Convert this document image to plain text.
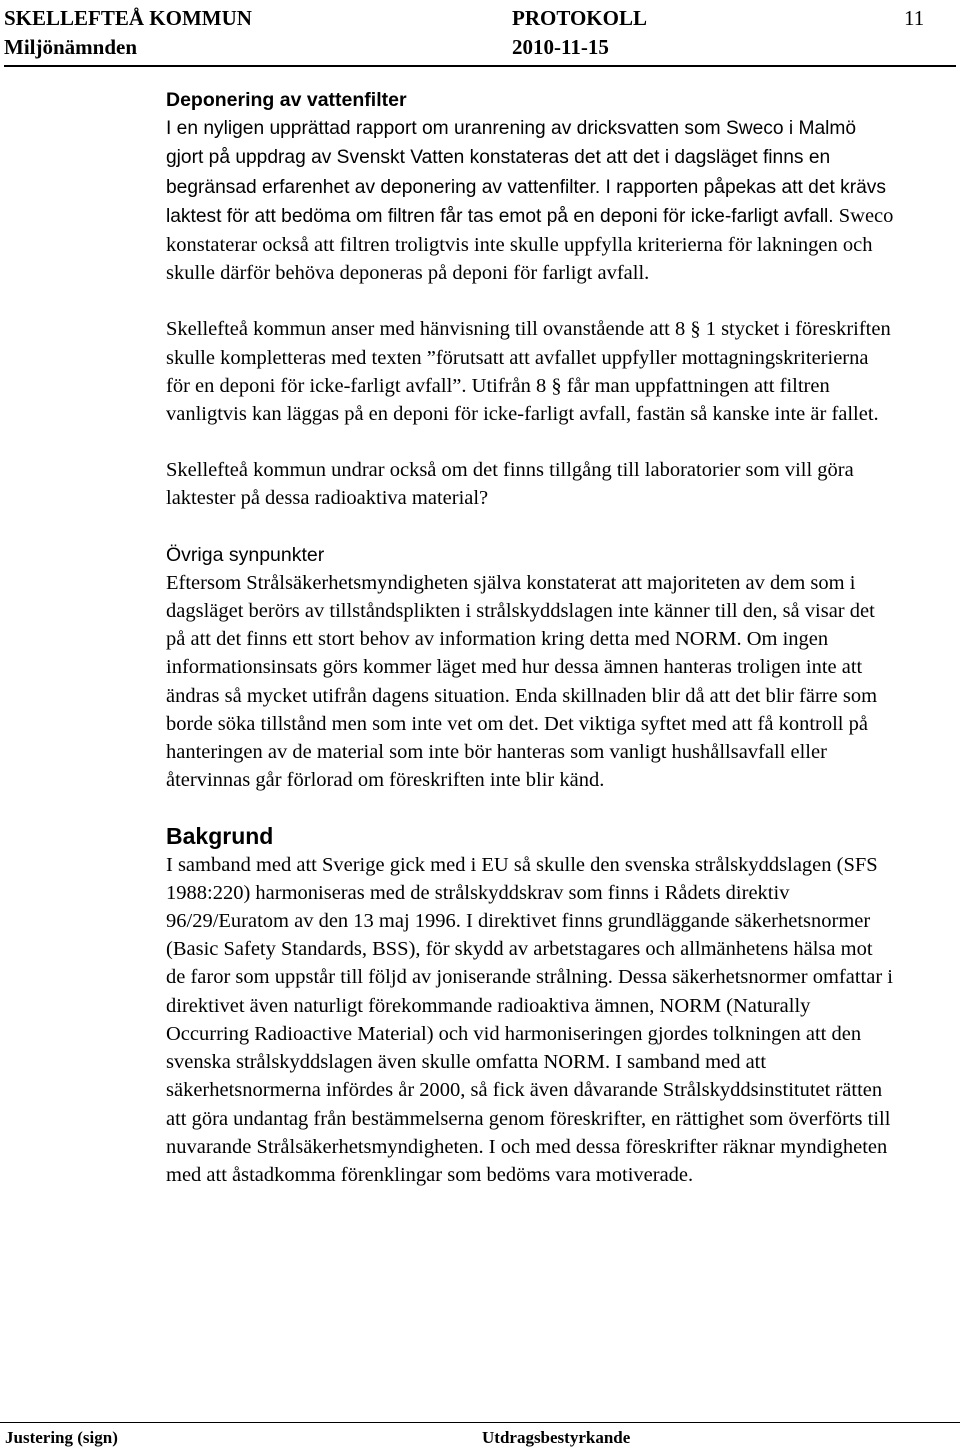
SKELLEFTEÅ KOMMUN
Miljönämnden
PROTOKOLL
2010-11-15
11

Deponering av vattenfilter

I en nyligen upprättad rapport om uranrening av dricksvatten som Sweco i Malmö gjort på uppdrag av Svenskt Vatten konstateras det att det i dagsläget finns en begränsad erfarenhet av deponering av vattenfilter. I rapporten påpekas att det krävs laktest för att bedöma om filtren får tas emot på en deponi för icke-farligt avfall. Sweco konstaterar också att filtren troligtvis inte skulle uppfylla kriterierna för lakningen och skulle därför behöva deponeras på deponi för farligt avfall.

Skellefteå kommun anser med hänvisning till ovanstående att 8 § 1 stycket i föreskriften skulle kompletteras med texten ”förutsatt att avfallet uppfyller mottagningskriterierna för en deponi för icke-farligt avfall”. Utifrån 8 § får man uppfattningen att filtren vanligtvis kan läggas på en deponi för icke-farligt avfall, fastän så kanske inte är fallet.

Skellefteå kommun undrar också om det finns tillgång till laboratorier som vill göra laktester på dessa radioaktiva material?

Övriga synpunkter

Eftersom Strålsäkerhetsmyndigheten själva konstaterat att majoriteten av dem som i dagsläget berörs av tillståndsplikten i strålskyddslagen inte känner till den, så visar det på att det finns ett stort behov av information kring detta med NORM. Om ingen informationsinsats görs kommer läget med hur dessa ämnen hanteras troligen inte att ändras så mycket utifrån dagens situation. Enda skillnaden blir då att det blir färre som borde söka tillstånd men som inte vet om det. Det viktiga syftet med att få kontroll på hanteringen av de material som inte bör hanteras som vanligt hushållsavfall eller återvinnas går förlorad om föreskriften inte blir känd.

Bakgrund

I samband med att Sverige gick med i EU så skulle den svenska strålskyddslagen (SFS 1988:220) harmoniseras med de strålskyddskrav som finns i Rådets direktiv 96/29/Euratom av den 13 maj 1996. I direktivet finns grundläggande säkerhetsnormer (Basic Safety Standards, BSS), för skydd av arbetstagares och allmänhetens hälsa mot de faror som uppstår till följd av joniserande strålning. Dessa säkerhetsnormer omfattar i direktivet även naturligt förekommande radioaktiva ämnen, NORM (Naturally Occurring Radioactive Material) och vid harmoniseringen gjordes tolkningen att den svenska strålskyddslagen även skulle omfatta NORM. I samband med att säkerhetsnormerna infördes år 2000, så fick även dåvarande Strålskyddsinstitutet rätten att göra undantag från bestämmelserna genom föreskrifter, en rättighet som överförts till nuvarande Strålsäkerhetsmyndigheten. I och med dessa föreskrifter räknar myndigheten med att åstadkomma förenklingar som bedöms vara motiverade.

Justering (sign)	Utdragsbestyrkande
